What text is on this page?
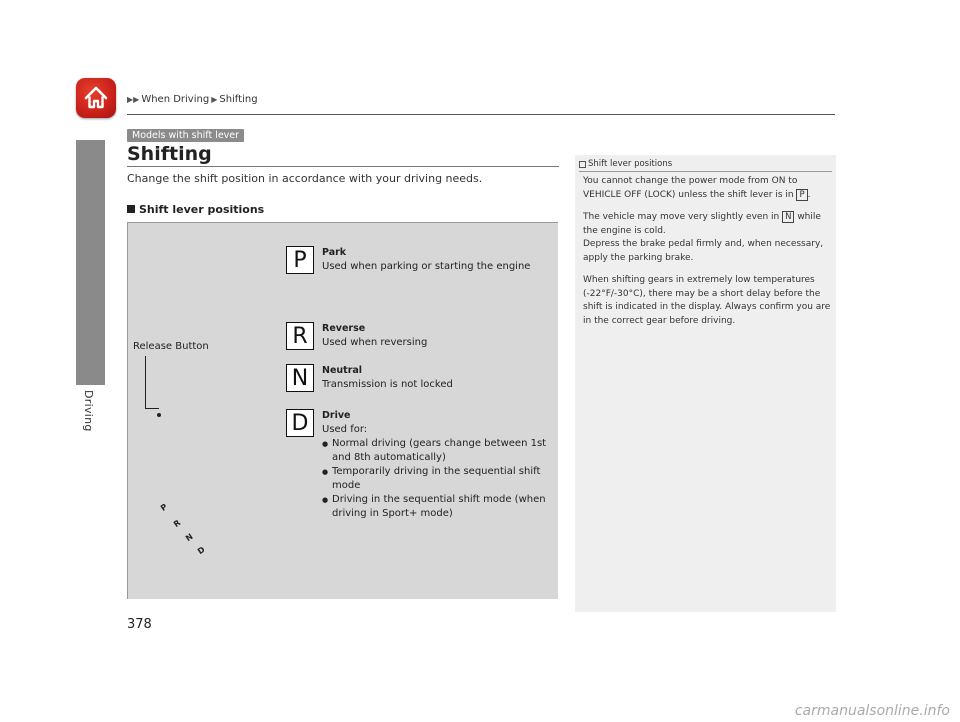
▶▶ When Driving ▶ Shifting
Driving
Models with shift lever
Shifting
Change the shift position in accordance with your driving needs.
Shift lever positions
Release Button
P	Park
Used when parking or starting the engine
R	Reverse
Used when reversing
N	Neutral
Transmission is not locked
D	Drive
Used for:
● Normal driving (gears change between 1st and 8th automatically)
● Temporarily driving in the sequential shift mode
● Driving in the sequential shift mode (when driving in Sport+ mode)
P
R
N
D
Shift lever positions

You cannot change the power mode from ON to VEHICLE OFF (LOCK) unless the shift lever is in P .

The vehicle may move very slightly even in N while the engine is cold.
Depress the brake pedal firmly and, when necessary, apply the parking brake.

When shifting gears in extremely low temperatures (-22°F/-30°C), there may be a short delay before the shift is indicated in the display. Always confirm you are in the correct gear before driving.

378
carmanualsonline.info
